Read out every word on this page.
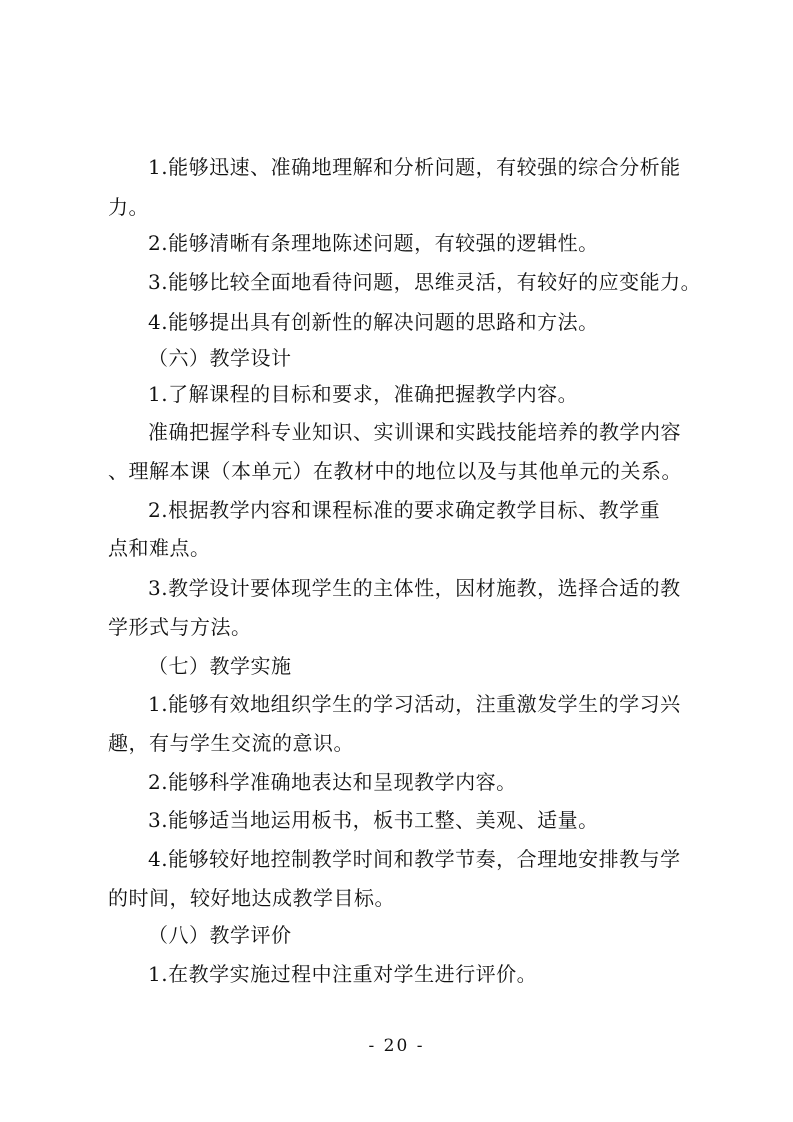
1.能够迅速、准确地理解和分析问题，有较强的综合分析能
力。
2.能够清晰有条理地陈述问题，有较强的逻辑性。
3.能够比较全面地看待问题，思维灵活，有较好的应变能力。
4.能够提出具有创新性的解决问题的思路和方法。
（六）教学设计
1.了解课程的目标和要求，准确把握教学内容。
准确把握学科专业知识、实训课和实践技能培养的教学内容
、理解本课（本单元）在教材中的地位以及与其他单元的关系。
2.根据教学内容和课程标准的要求确定教学目标、教学重
点和难点。
3.教学设计要体现学生的主体性，因材施教，选择合适的教
学形式与方法。
（七）教学实施
1.能够有效地组织学生的学习活动，注重激发学生的学习兴
趣，有与学生交流的意识。
2.能够科学准确地表达和呈现教学内容。
3.能够适当地运用板书，板书工整、美观、适量。
4.能够较好地控制教学时间和教学节奏，合理地安排教与学
的时间，较好地达成教学目标。
（八）教学评价
1.在教学实施过程中注重对学生进行评价。
- 20 -
